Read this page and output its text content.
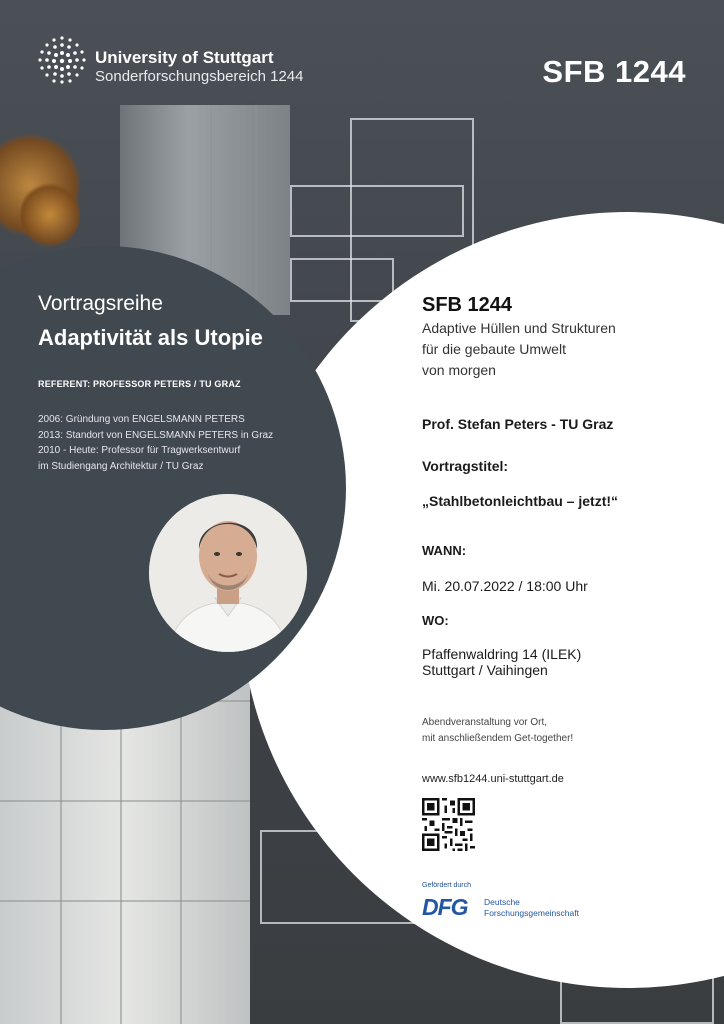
University of Stuttgart
Sonderforschungsbereich 1244	SFB 1244
Vortragsreihe
Adaptivität als Utopie
REFERENT: PROFESSOR PETERS / TU GRAZ
2006: Gründung von ENGELSMANN PETERS
2013: Standort von ENGELSMANN PETERS in Graz
2010 - Heute: Professor für Tragwerksentwurf
im Studiengang Architektur / TU Graz
SFB 1244
Adaptive Hüllen und Strukturen
für die gebaute Umwelt
von morgen
Prof. Stefan Peters - TU Graz
Vortragstitel:
„Stahlbetonleichtbau – jetzt!“
WANN:
Mi. 20.07.2022 / 18:00 Uhr
WO:
Pfaffenwaldring 14 (ILEK)
Stuttgart / Vaihingen
Abendveranstaltung vor Ort,
mit anschließendem Get-together!
www.sfb1244.uni-stuttgart.de
Gefördert durch
DFG Deutsche
Forschungsgemeinschaft
